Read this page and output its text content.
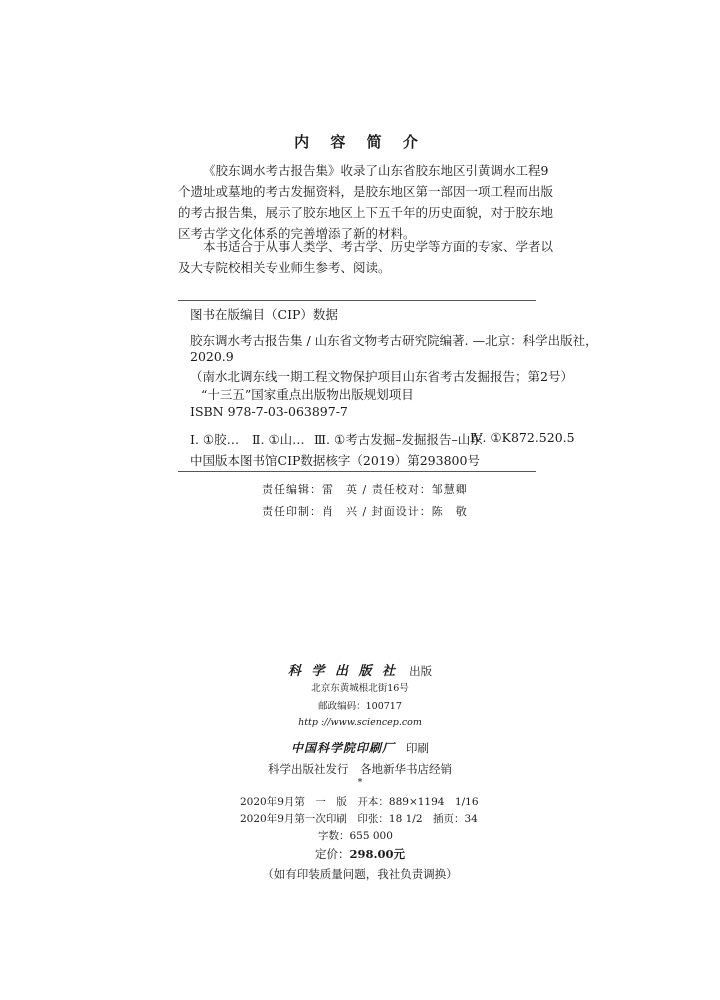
内 容 简 介

《胶东调水考古报告集》收录了山东省胶东地区引黄调水工程9个遗址或墓地的考古发掘资料，是胶东地区第一部因一项工程而出版的考古报告集，展示了胶东地区上下五千年的历史面貌，对于胶东地区考古学文化体系的完善增添了新的材料。

本书适合于从事人类学、考古学、历史学等方面的专家、学者以及大专院校相关专业师生参考、阅读。

图书在版编目（CIP）数据
胶东调水考古报告集 / 山东省文物考古研究院编著. —北京：科学出版社，
2020.9
（南水北调东线一期工程文物保护项目山东省考古发掘报告；第2号）
“十三五”国家重点出版物出版规划项目
ISBN 978-7-03-063897-7
Ⅰ. ①胶… Ⅱ. ①山… Ⅲ. ①考古发掘–发掘报告–山东
Ⅳ. ①K872.520.5
中国版本图书馆CIP数据核字（2019）第293800号
责任编辑：雷　英 / 责任校对：邹慧卿
责任印制：肖　兴 / 封面设计：陈　敬
科 学 出 版 社 出版
北京东黄城根北街16号
邮政编码：100717
http ://www.sciencep.com
中国科学院印刷厂 印刷
科学出版社发行　各地新华书店经销
*
2020年9月第　一　版　开本：889×1194　1/16
2020年9月第一次印刷　印张：18 1/2　插页：34
字数：655 000
定价：298.00元
（如有印装质量问题，我社负责调换）
